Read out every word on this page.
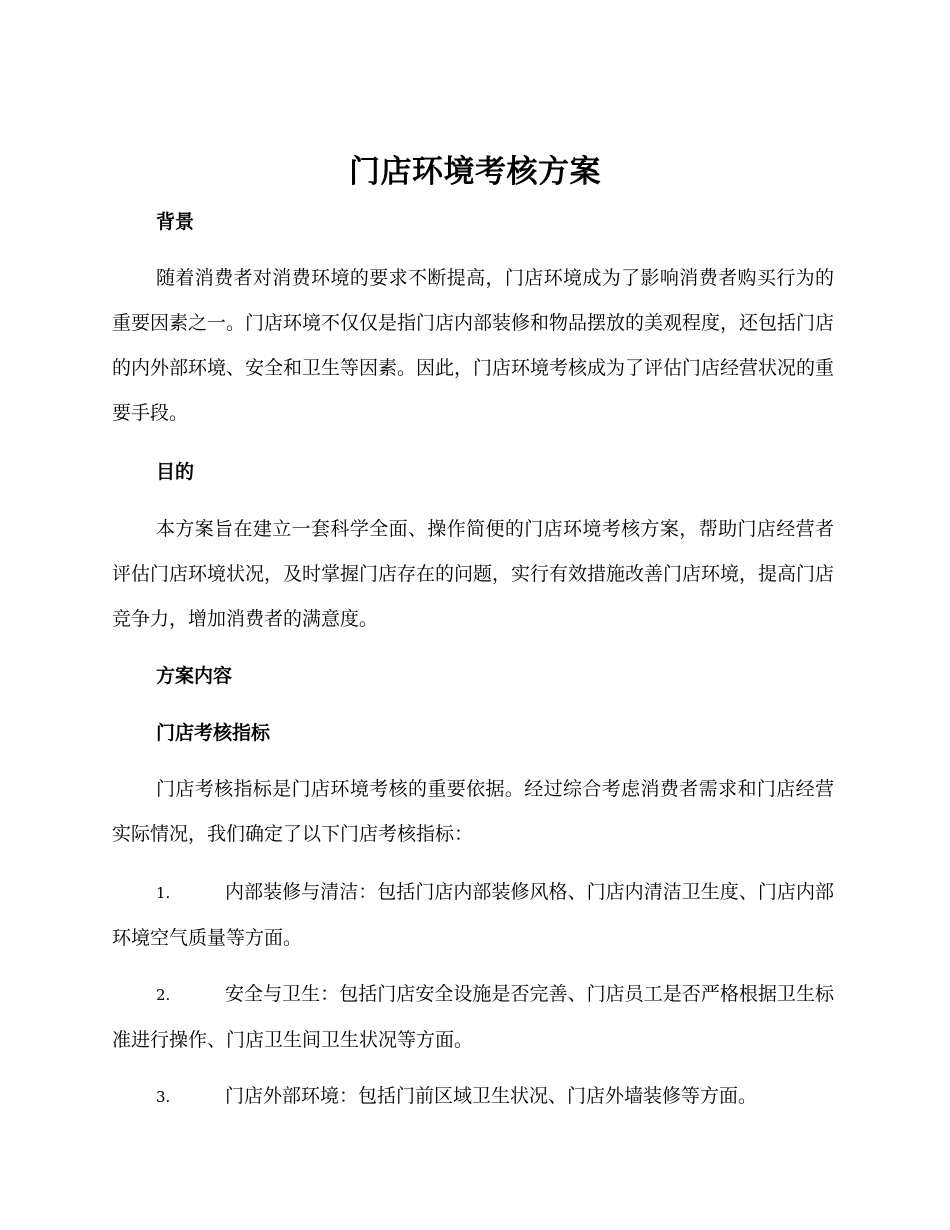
门店环境考核方案
背景

随着消费者对消费环境的要求不断提高，门店环境成为了影响消费者购买行为的重要因素之一。门店环境不仅仅是指门店内部装修和物品摆放的美观程度，还包括门店的内外部环境、安全和卫生等因素。因此，门店环境考核成为了评估门店经营状况的重要手段。

目的

本方案旨在建立一套科学全面、操作简便的门店环境考核方案，帮助门店经营者评估门店环境状况，及时掌握门店存在的问题，实行有效措施改善门店环境，提高门店竞争力，增加消费者的满意度。

方案内容
门店考核指标

门店考核指标是门店环境考核的重要依据。经过综合考虑消费者需求和门店经营实际情况，我们确定了以下门店考核指标：

1.	内部装修与清洁：包括门店内部装修风格、门店内清洁卫生度、门店内部环境空气质量等方面。

2.	安全与卫生：包括门店安全设施是否完善、门店员工是否严格根据卫生标准进行操作、门店卫生间卫生状况等方面。

3.	门店外部环境：包括门前区域卫生状况、门店外墙装修等方面。
